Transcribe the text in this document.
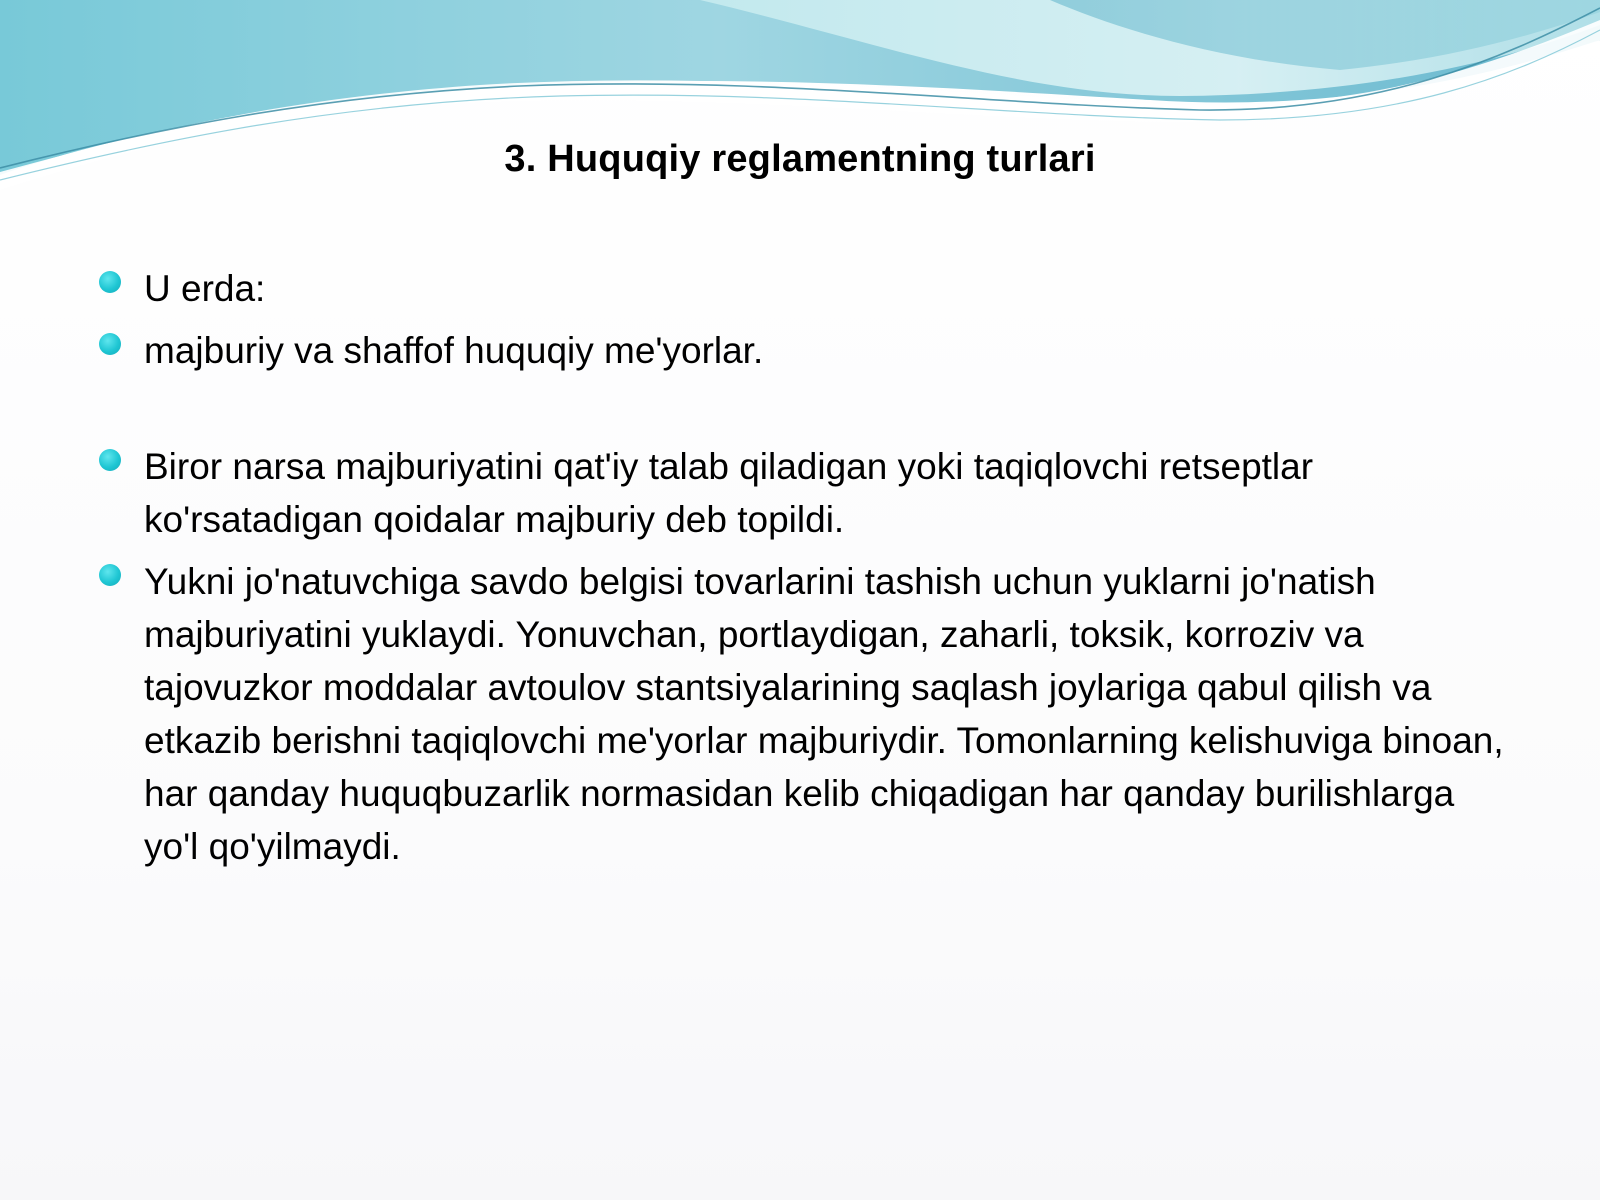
3. Huquqiy reglamentning turlari
U erda:
majburiy va shaffof huquqiy me'yorlar.
Biror narsa majburiyatini qat'iy talab qiladigan yoki taqiqlovchi retseptlar ko'rsatadigan qoidalar majburiy deb topildi.
Yukni jo'natuvchiga savdo belgisi tovarlarini tashish uchun yuklarni jo'natish majburiyatini yuklaydi. Yonuvchan, portlaydigan, zaharli, toksik, korroziv va tajovuzkor moddalar avtoulov stantsiyalarining saqlash joylariga qabul qilish va etkazib berishni taqiqlovchi me'yorlar majburiydir. Tomonlarning kelishuviga binoan, har qanday huquqbuzarlik normasidan kelib chiqadigan har qanday burilishlarga yo'l qo'yilmaydi.
